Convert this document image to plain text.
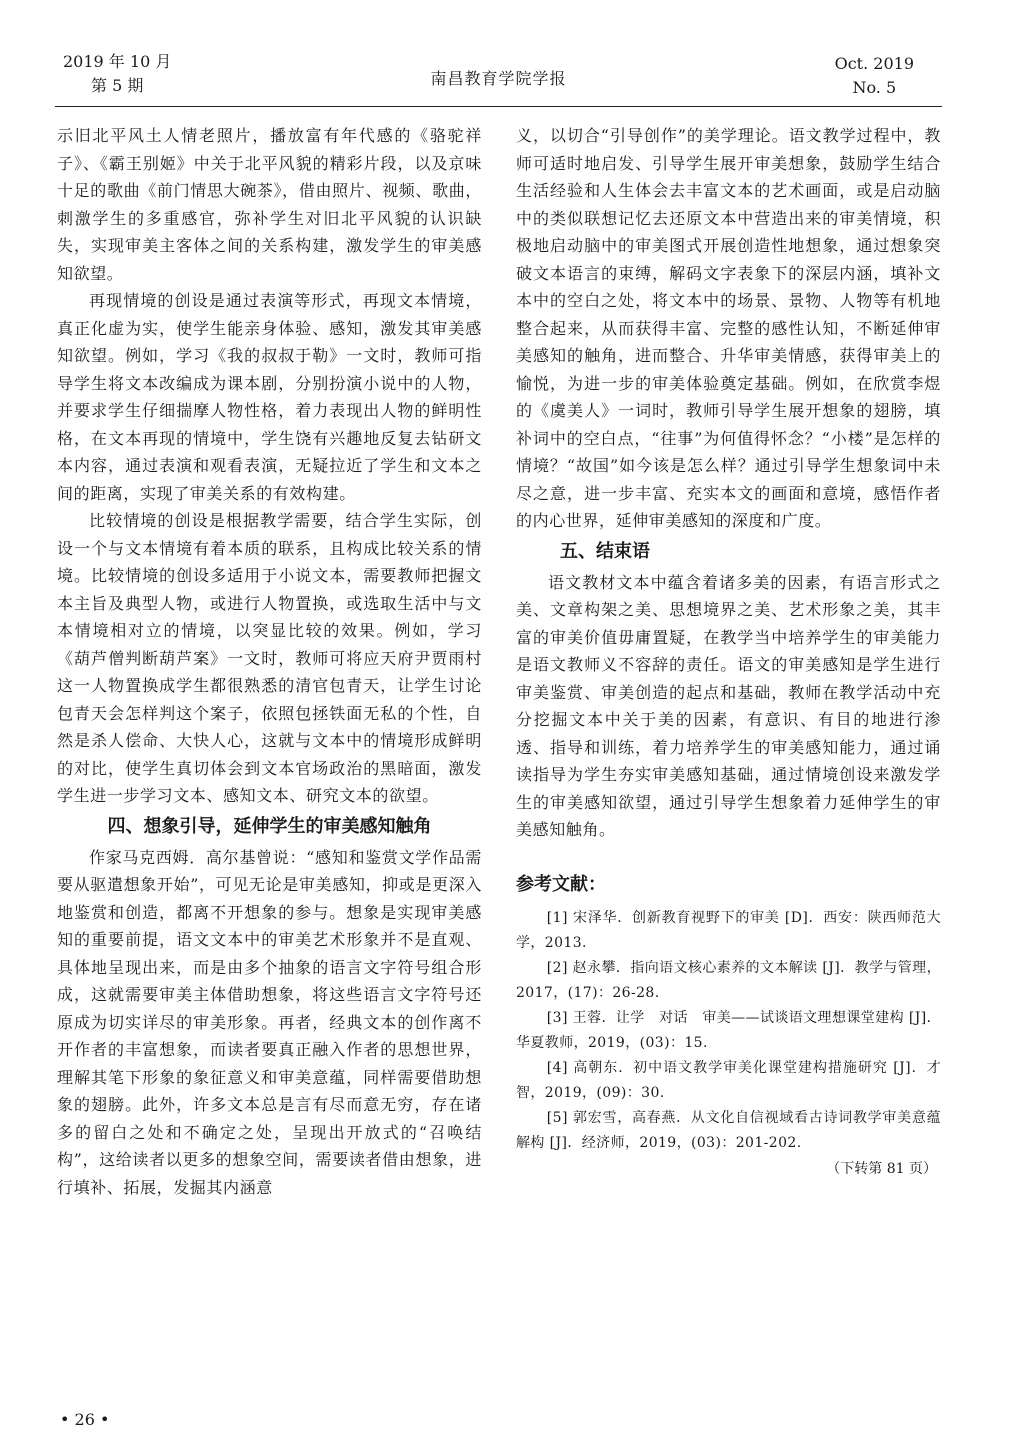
2019 年 10 月
第 5 期	南昌教育学院学报
Oct. 2019
No. 5

示旧北平风土人情老照片，播放富有年代感的《骆驼祥子》、《霸王别姬》中关于北平风貌的精彩片段，以及京味十足的歌曲《前门情思大碗茶》，借由照片、视频、歌曲，刺激学生的多重感官，弥补学生对旧北平风貌的认识缺失，实现审美主客体之间的关系构建，激发学生的审美感知欲望。

再现情境的创设是通过表演等形式，再现文本情境，真正化虚为实，使学生能亲身体验、感知，激发其审美感知欲望。例如，学习《我的叔叔于勒》一文时，教师可指导学生将文本改编成为课本剧，分别扮演小说中的人物，并要求学生仔细揣摩人物性格，着力表现出人物的鲜明性格，在文本再现的情境中，学生饶有兴趣地反复去钻研文本内容，通过表演和观看表演，无疑拉近了学生和文本之间的距离，实现了审美关系的有效构建。

比较情境的创设是根据教学需要，结合学生实际，创设一个与文本情境有着本质的联系，且构成比较关系的情境。比较情境的创设多适用于小说文本，需要教师把握文本主旨及典型人物，或进行人物置换，或选取生活中与文本情境相对立的情境，以突显比较的效果。例如，学习《葫芦僧判断葫芦案》一文时，教师可将应天府尹贾雨村这一人物置换成学生都很熟悉的清官包青天，让学生讨论包青天会怎样判这个案子，依照包拯铁面无私的个性，自然是杀人偿命、大快人心，这就与文本中的情境形成鲜明的对比，使学生真切体会到文本官场政治的黑暗面，激发学生进一步学习文本、感知文本、研究文本的欲望。

四、想象引导，延伸学生的审美感知触角

作家马克西姆．高尔基曾说：“感知和鉴赏文学作品需要从驱遣想象开始”，可见无论是审美感知，抑或是更深入地鉴赏和创造，都离不开想象的参与。想象是实现审美感知的重要前提，语文文本中的审美艺术形象并不是直观、具体地呈现出来，而是由多个抽象的语言文字符号组合形成，这就需要审美主体借助想象，将这些语言文字符号还原成为切实详尽的审美形象。再者，经典文本的创作离不开作者的丰富想象，而读者要真正融入作者的思想世界，理解其笔下形象的象征意义和审美意蕴，同样需要借助想象的翅膀。此外，许多文本总是言有尽而意无穷，存在诸多的留白之处和不确定之处，呈现出开放式的“召唤结构”，这给读者以更多的想象空间，需要读者借由想象，进行填补、拓展，发掘其内涵意

义，以切合“引导创作”的美学理论。语文教学过程中，教师可适时地启发、引导学生展开审美想象，鼓励学生结合生活经验和人生体会去丰富文本的艺术画面，或是启动脑中的类似联想记忆去还原文本中营造出来的审美情境，积极地启动脑中的审美图式开展创造性地想象，通过想象突破文本语言的束缚，解码文字表象下的深层内涵，填补文本中的空白之处，将文本中的场景、景物、人物等有机地整合起来，从而获得丰富、完整的感性认知，不断延伸审美感知的触角，进而整合、升华审美情感，获得审美上的愉悦，为进一步的审美体验奠定基础。例如，在欣赏李煜的《虞美人》一词时，教师引导学生展开想象的翅膀，填补词中的空白点，“往事”为何值得怀念？“小楼”是怎样的情境？“故国”如今该是怎么样？通过引导学生想象词中未尽之意，进一步丰富、充实本文的画面和意境，感悟作者的内心世界，延伸审美感知的深度和广度。

五、结束语

语文教材文本中蕴含着诸多美的因素，有语言形式之美、文章构架之美、思想境界之美、艺术形象之美，其丰富的审美价值毋庸置疑，在教学当中培养学生的审美能力是语文教师义不容辞的责任。语文的审美感知是学生进行审美鉴赏、审美创造的起点和基础，教师在教学活动中充分挖掘文本中关于美的因素，有意识、有目的地进行渗透、指导和训练，着力培养学生的审美感知能力，通过诵读指导为学生夯实审美感知基础，通过情境创设来激发学生的审美感知欲望，通过引导学生想象着力延伸学生的审美感知触角。

参考文献：

[1] 宋泽华．创新教育视野下的审美 [D]．西安：陕西师范大学，2013.

[2] 赵永攀．指向语文核心素养的文本解读 [J]．教学与管理，2017，(17)：26-28.

[3] 王蓉．让学　对话　审美——试谈语文理想课堂建构 [J]．华夏教师，2019，(03)：15.

[4] 高朝东．初中语文教学审美化课堂建构措施研究 [J]．才智，2019，(09)：30.

[5] 郭宏雪，高春燕．从文化自信视域看古诗词教学审美意蕴解构 [J]．经济师，2019，(03)：201-202.

（下转第 81 页）
• 26 •
